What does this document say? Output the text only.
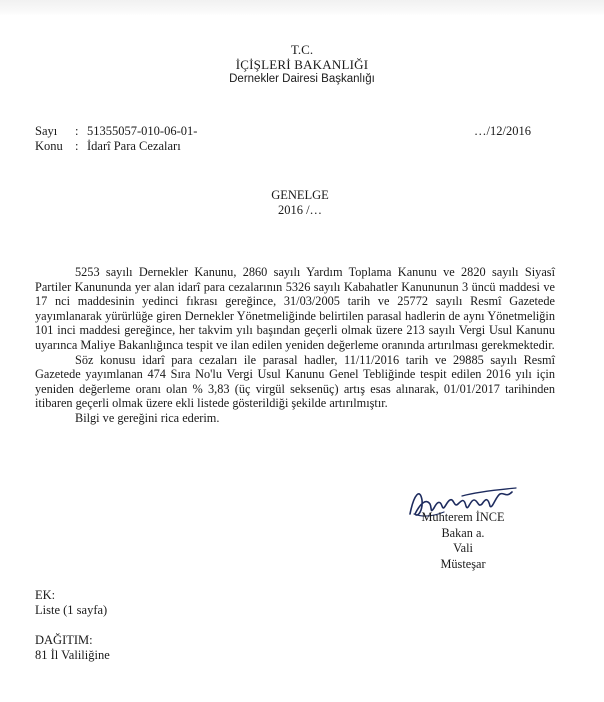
T.C.
İÇİŞLERİ BAKANLIĞI
Dernekler Dairesi Başkanlığı
Sayı	: 51355057-010-06-01-
Konu : İdarî Para Cezaları
…/12/2016
GENELGE
2016 /…

5253 sayılı Dernekler Kanunu, 2860 sayılı Yardım Toplama Kanunu ve 2820 sayılı Siyasî Partiler Kanununda yer alan idarî para cezalarının 5326 sayılı Kabahatler Kanununun 3 üncü maddesi ve 17 nci maddesinin yedinci fıkrası gereğince, 31/03/2005 tarih ve 25772 sayılı Resmî Gazetede yayımlanarak yürürlüğe giren Dernekler Yönetmeliğinde belirtilen parasal hadlerin de aynı Yönetmeliğin 101 inci maddesi gereğince, her takvim yılı başından geçerli olmak üzere 213 sayılı Vergi Usul Kanunu uyarınca Maliye Bakanlığınca tespit ve ilan edilen yeniden değerleme oranında artırılması gerekmektedir.

Söz konusu idarî para cezaları ile parasal hadler, 11/11/2016 tarih ve 29885 sayılı Resmî Gazetede yayımlanan 474 Sıra No'lu Vergi Usul Kanunu Genel Tebliğinde tespit edilen 2016 yılı için yeniden değerleme oranı olan % 3,83 (üç virgül seksenüç) artış esas alınarak, 01/01/2017 tarihinden itibaren geçerli olmak üzere ekli listede gösterildiği şekilde artırılmıştır.

Bilgi ve gereğini rica ederim.

Muhterem İNCE
Bakan a.
Vali
Müsteşar
EK:
Liste (1 sayfa)
DAĞITIM:
81 İl Valiliğine
